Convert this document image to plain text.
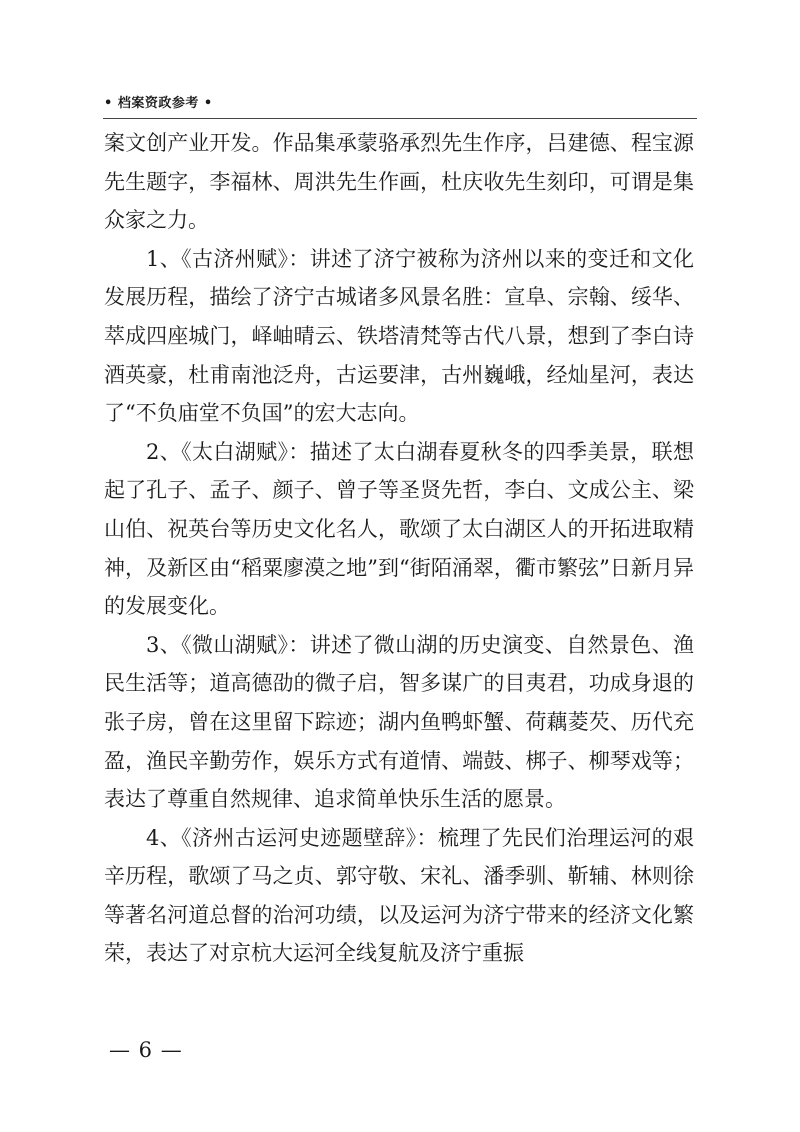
• 档案资政参考 •

案文创产业开发。作品集承蒙骆承烈先生作序，吕建德、程宝源先生题字，李福林、周洪先生作画，杜庆收先生刻印，可谓是集众家之力。

1、《古济州赋》：讲述了济宁被称为济州以来的变迁和文化发展历程，描绘了济宁古城诸多风景名胜：宣阜、宗翰、绥华、萃成四座城门，峄岫晴云、铁塔清梵等古代八景，想到了李白诗酒英豪，杜甫南池泛舟，古运要津，古州巍峨，经灿星河，表达了“不负庙堂不负国”的宏大志向。

2、《太白湖赋》：描述了太白湖春夏秋冬的四季美景，联想起了孔子、孟子、颜子、曾子等圣贤先哲，李白、文成公主、梁山伯、祝英台等历史文化名人，歌颂了太白湖区人的开拓进取精神，及新区由“稻粟廖漠之地”到“街陌涌翠，衢市繁弦”日新月异的发展变化。

3、《微山湖赋》：讲述了微山湖的历史演变、自然景色、渔民生活等；道高德劭的微子启，智多谋广的目夷君，功成身退的张子房，曾在这里留下踪迹；湖内鱼鸭虾蟹、荷藕菱芡、历代充盈，渔民辛勤劳作，娱乐方式有道情、端鼓、梆子、柳琴戏等；表达了尊重自然规律、追求简单快乐生活的愿景。

4、《济州古运河史迹题壁辞》：梳理了先民们治理运河的艰辛历程，歌颂了马之贞、郭守敬、宋礼、潘季驯、靳辅、林则徐等著名河道总督的治河功绩，以及运河为济宁带来的经济文化繁荣，表达了对京杭大运河全线复航及济宁重振

— 6 —
